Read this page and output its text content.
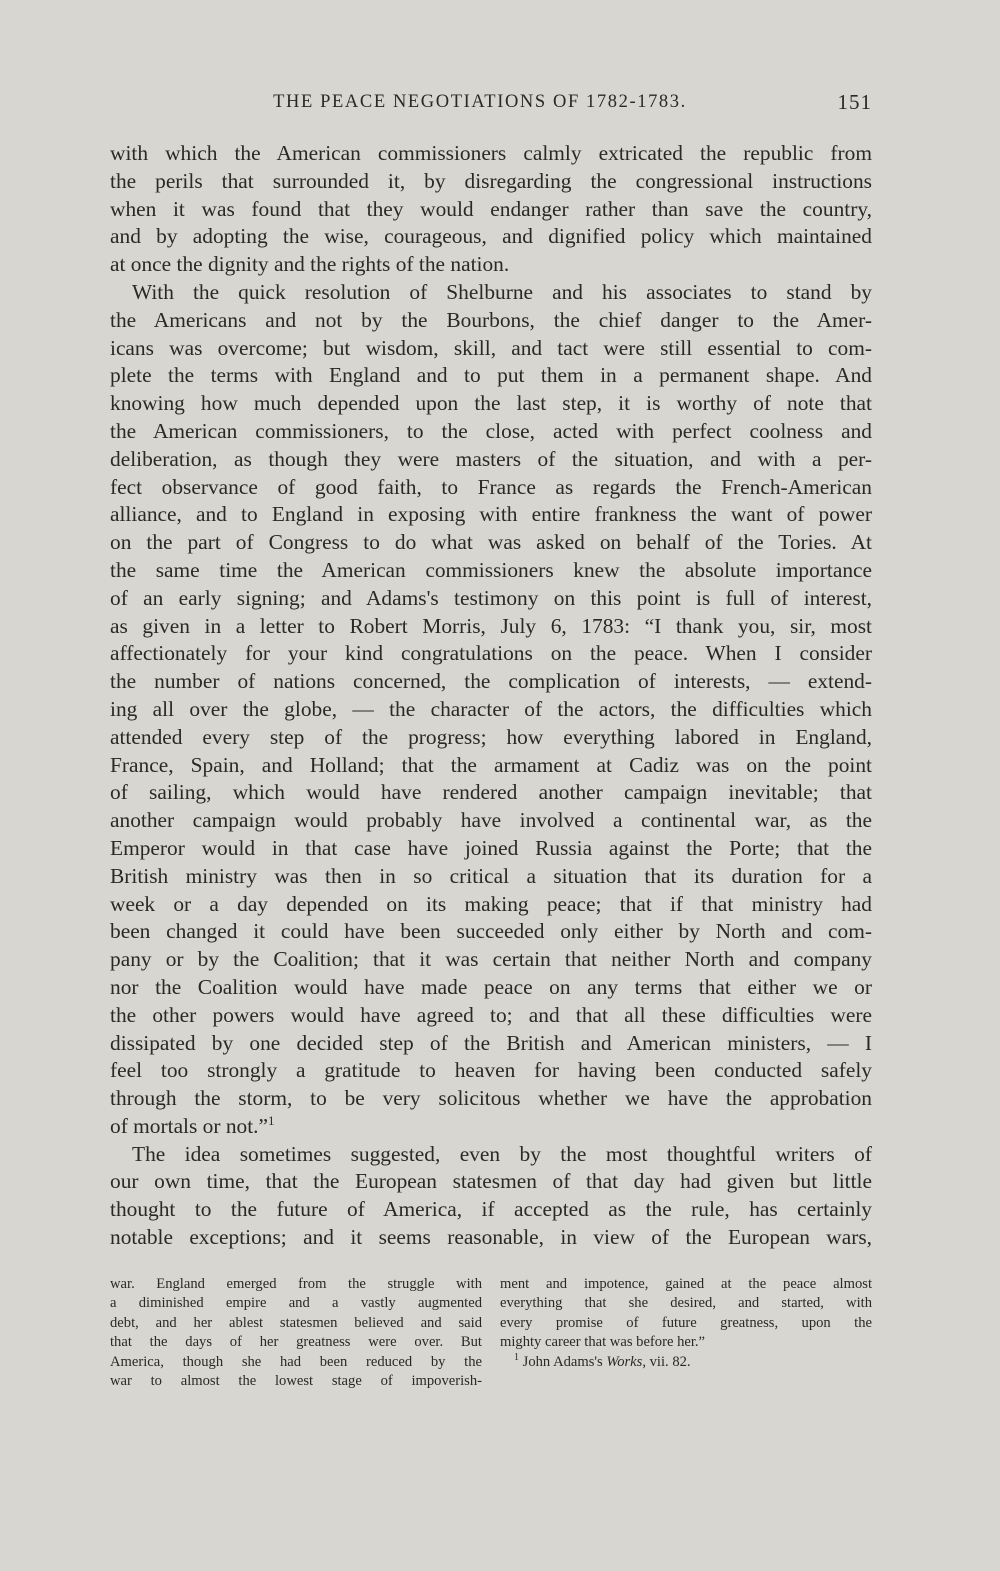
THE PEACE NEGOTIATIONS OF 1782-1783.	151
with which the American commissioners calmly extricated the republic from
the perils that surrounded it, by disregarding the congressional instructions
when it was found that they would endanger rather than save the country,
and by adopting the wise, courageous, and dignified policy which maintained
at once the dignity and the rights of the nation.
With the quick resolution of Shelburne and his associates to stand by
the Americans and not by the Bourbons, the chief danger to the Amer-
icans was overcome; but wisdom, skill, and tact were still essential to com-
plete the terms with England and to put them in a permanent shape. And
knowing how much depended upon the last step, it is worthy of note that
the American commissioners, to the close, acted with perfect coolness and
deliberation, as though they were masters of the situation, and with a per-
fect observance of good faith, to France as regards the French-American
alliance, and to England in exposing with entire frankness the want of power
on the part of Congress to do what was asked on behalf of the Tories. At
the same time the American commissioners knew the absolute importance
of an early signing; and Adams's testimony on this point is full of interest,
as given in a letter to Robert Morris, July 6, 1783: “I thank you, sir, most
affectionately for your kind congratulations on the peace. When I consider
the number of nations concerned, the complication of interests, — extend-
ing all over the globe, — the character of the actors, the difficulties which
attended every step of the progress; how everything labored in England,
France, Spain, and Holland; that the armament at Cadiz was on the point
of sailing, which would have rendered another campaign inevitable; that
another campaign would probably have involved a continental war, as the
Emperor would in that case have joined Russia against the Porte; that the
British ministry was then in so critical a situation that its duration for a
week or a day depended on its making peace; that if that ministry had
been changed it could have been succeeded only either by North and com-
pany or by the Coalition; that it was certain that neither North and company
nor the Coalition would have made peace on any terms that either we or
the other powers would have agreed to; and that all these difficulties were
dissipated by one decided step of the British and American ministers, — I
feel too strongly a gratitude to heaven for having been conducted safely
through the storm, to be very solicitous whether we have the approbation
of mortals or not.”$^1$
The idea sometimes suggested, even by the most thoughtful writers of
our own time, that the European statesmen of that day had given but little
thought to the future of America, if accepted as the rule, has certainly
notable exceptions; and it seems reasonable, in view of the European wars,
war. England emerged from the struggle with
a diminished empire and a vastly augmented
debt, and her ablest statesmen believed and said
that the days of her greatness were over. But
America, though she had been reduced by the
war to almost the lowest stage of impoverish-
ment and impotence, gained at the peace almost
everything that she desired, and started, with
every promise of future greatness, upon the
mighty career that was before her.”
$^1$ John Adams's Works, vii. 82.
